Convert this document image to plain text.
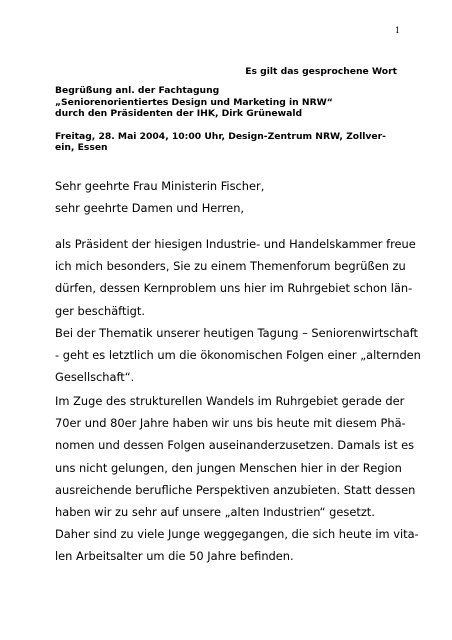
1
Es gilt das gesprochene Wort
Begrüßung anl. der Fachtagung
„Seniorenorientiertes Design und Marketing in NRW“
durch den Präsidenten der IHK, Dirk Grünewald
Freitag, 28. Mai 2004, 10:00 Uhr, Design-Zentrum NRW, Zollver-
ein, Essen
Sehr geehrte Frau Ministerin Fischer,
sehr geehrte Damen und Herren,
als Präsident der hiesigen Industrie- und Handelskammer freue
ich mich besonders, Sie zu einem Themenforum begrüßen zu
dürfen, dessen Kernproblem uns hier im Ruhrgebiet schon län-
ger beschäftigt.
Bei der Thematik unserer heutigen Tagung – Seniorenwirtschaft
- geht es letztlich um die ökonomischen Folgen einer „alternden
Gesellschaft“.
Im Zuge des strukturellen Wandels im Ruhrgebiet gerade der
70er und 80er Jahre haben wir uns bis heute mit diesem Phä-
nomen und dessen Folgen auseinanderzusetzen. Damals ist es
uns nicht gelungen, den jungen Menschen hier in der Region
ausreichende berufliche Perspektiven anzubieten. Statt dessen
haben wir zu sehr auf unsere „alten Industrien“ gesetzt.
Daher sind zu viele Junge weggegangen, die sich heute im vita-
len Arbeitsalter um die 50 Jahre befinden.
